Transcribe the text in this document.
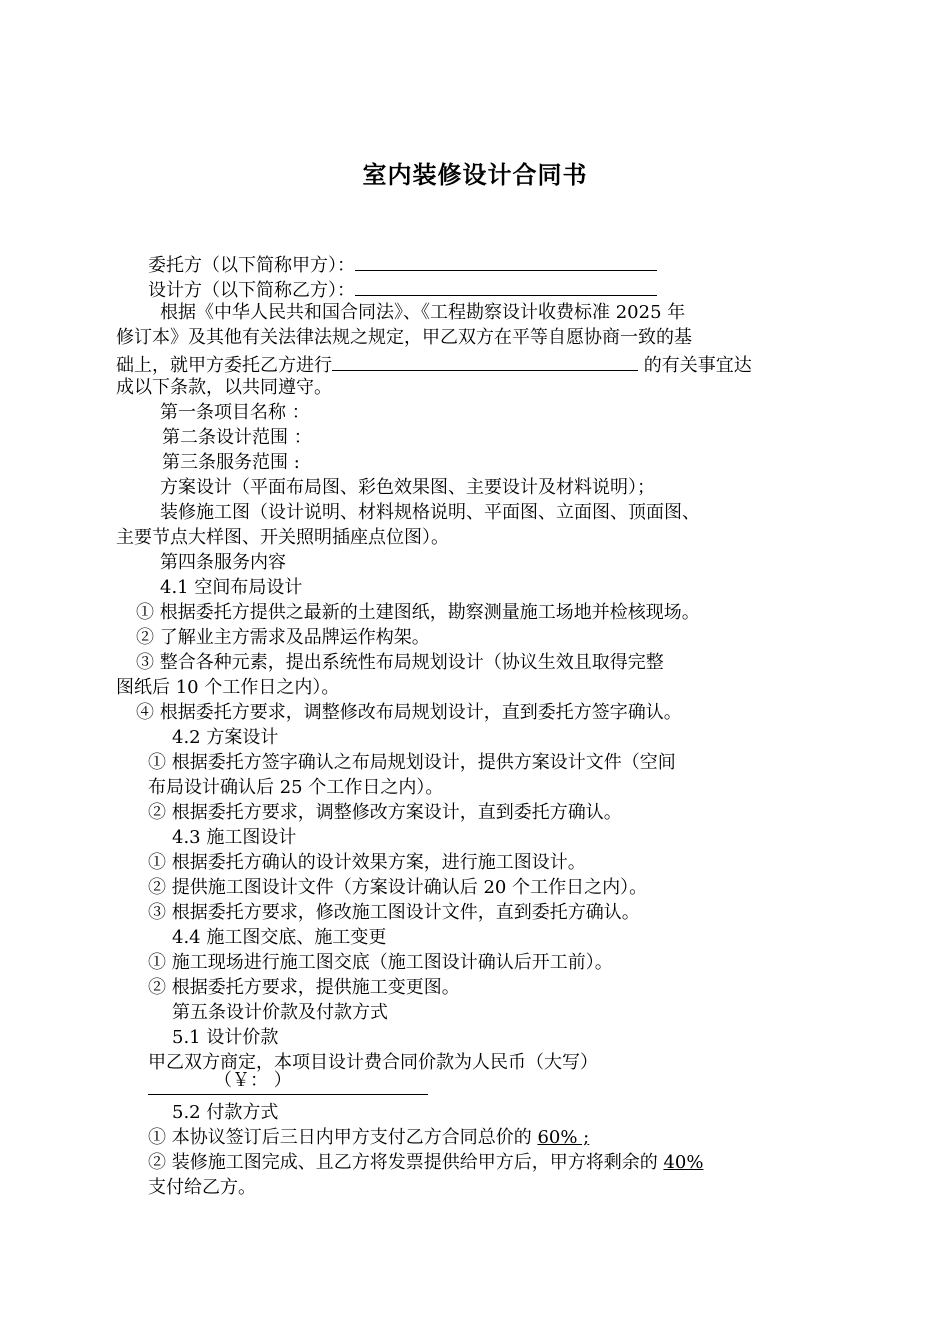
室内装修设计合同书
委托方（以下简称甲方）：
设计方（以下简称乙方）：
根据《中华人民共和国合同法》、《工程勘察设计收费标准 2025 年
修订本》及其他有关法律法规之规定，甲乙双方在平等自愿协商一致的基
础上，就甲方委托乙方进行	的有关事宜达
成以下条款，以共同遵守。
第一条项目名称 ：
第二条设计范围 ：
第三条服务范围 :
方案设计（平面布局图、彩色效果图、主要设计及材料说明）；
装修施工图（设计说明、材料规格说明、平面图、立面图、顶面图、
主要节点大样图、开关照明插座点位图）。
第四条服务内容
4.1 空间布局设计
① 根据委托方提供之最新的土建图纸，勘察测量施工场地并检核现场。
② 了解业主方需求及品牌运作构架。
③ 整合各种元素，提出系统性布局规划设计（协议生效且取得完整
图纸后 10 个工作日之内）。
④ 根据委托方要求，调整修改布局规划设计，直到委托方签字确认。
4.2 方案设计
① 根据委托方签字确认之布局规划设计，提供方案设计文件（空间
布局设计确认后 25 个工作日之内）。
② 根据委托方要求，调整修改方案设计，直到委托方确认。
4.3 施工图设计
① 根据委托方确认的设计效果方案，进行施工图设计。
② 提供施工图设计文件（方案设计确认后 20 个工作日之内）。
③ 根据委托方要求，修改施工图设计文件，直到委托方确认。
4.4 施工图交底、施工变更
① 施工现场进行施工图交底（施工图设计确认后开工前）。
② 根据委托方要求，提供施工变更图。
第五条设计价款及付款方式
5.1 设计价款
甲乙双方商定，本项目设计费合同价款为人民币（大写）
（￥： ）
5.2 付款方式
① 本协议签订后三日内甲方支付乙方合同总价的 60% ;
② 装修施工图完成、且乙方将发票提供给甲方后，甲方将剩余的 40%
支付给乙方。
